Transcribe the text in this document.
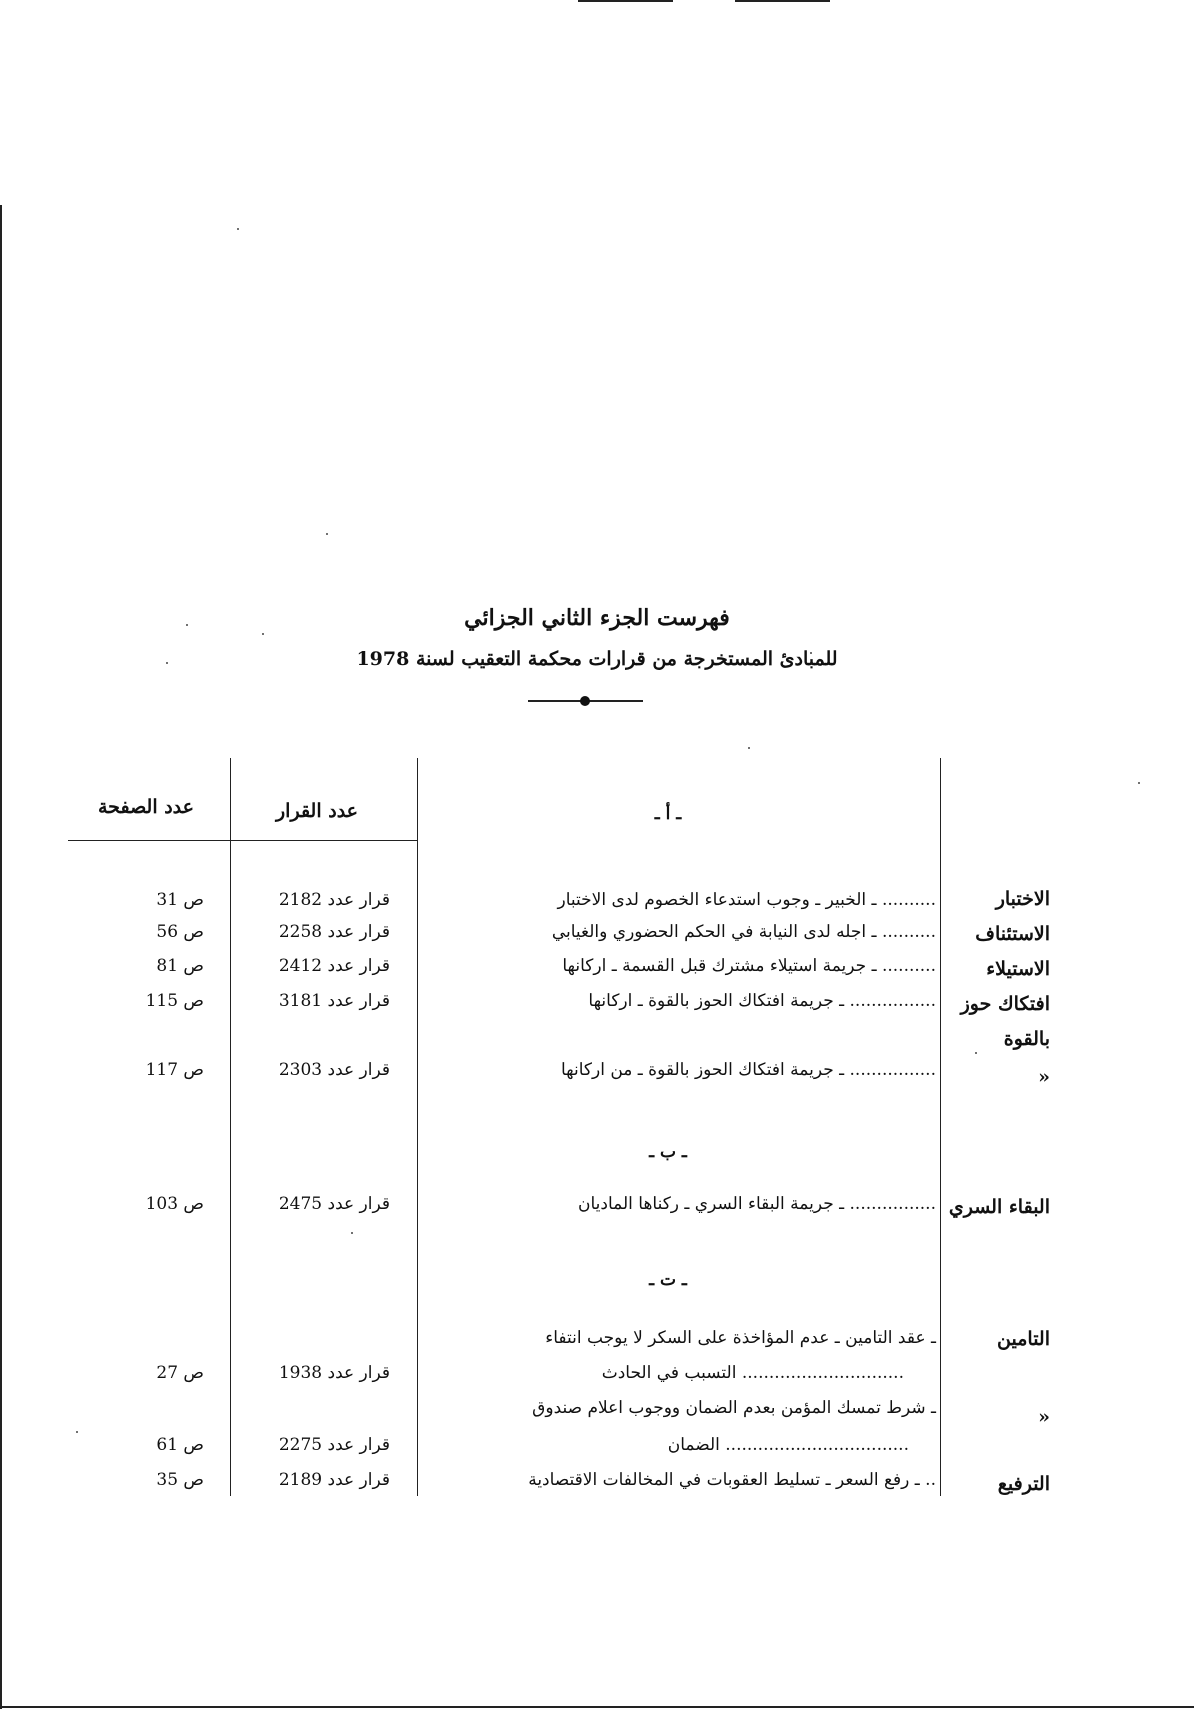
فهرست الجزء الثاني الجزائي
للمبادئ المستخرجة من قرارات محكمة التعقيب لسنة 1978
عدد الصفحة	عدد القرار	ـ أ ـ
الاختبار
ـ الخبير ـ وجوب استدعاء الخصوم لدى الاختبار ..........
قرار عدد 2182
ص 31
الاستئناف
ـ اجله لدى النيابة في الحكم الحضوري والغيابي ..........
قرار عدد 2258
ص 56
الاستيلاء
ـ جريمة استيلاء مشترك قبل القسمة ـ اركانها ..........
قرار عدد 2412
ص 81
افتكاك حوز
بالقوة
ـ جريمة افتكاك الحوز بالقوة ـ اركانها ................
قرار عدد 3181
ص 115
»
ـ جريمة افتكاك الحوز بالقوة ـ من اركانها ................
قرار عدد 2303
ص 117
ـ ب ـ
البقاء السري
ـ جريمة البقاء السري ـ ركناها الماديان ................
قرار عدد 2475
ص 103
ـ ت ـ
التامين
ـ عقد التامين ـ عدم المؤاخذة على السكر لا يوجب انتفاء
التسبب في الحادث ..............................
قرار عدد 1938
ص 27
»
ـ شرط تمسك المؤمن بعدم الضمان ووجوب اعلام صندوق
الضمان ..................................
قرار عدد 2275
ص 61
الترفيع
ـ رفع السعر ـ تسليط العقوبات في المخالفات الاقتصادية ..
قرار عدد 2189
ص 35
